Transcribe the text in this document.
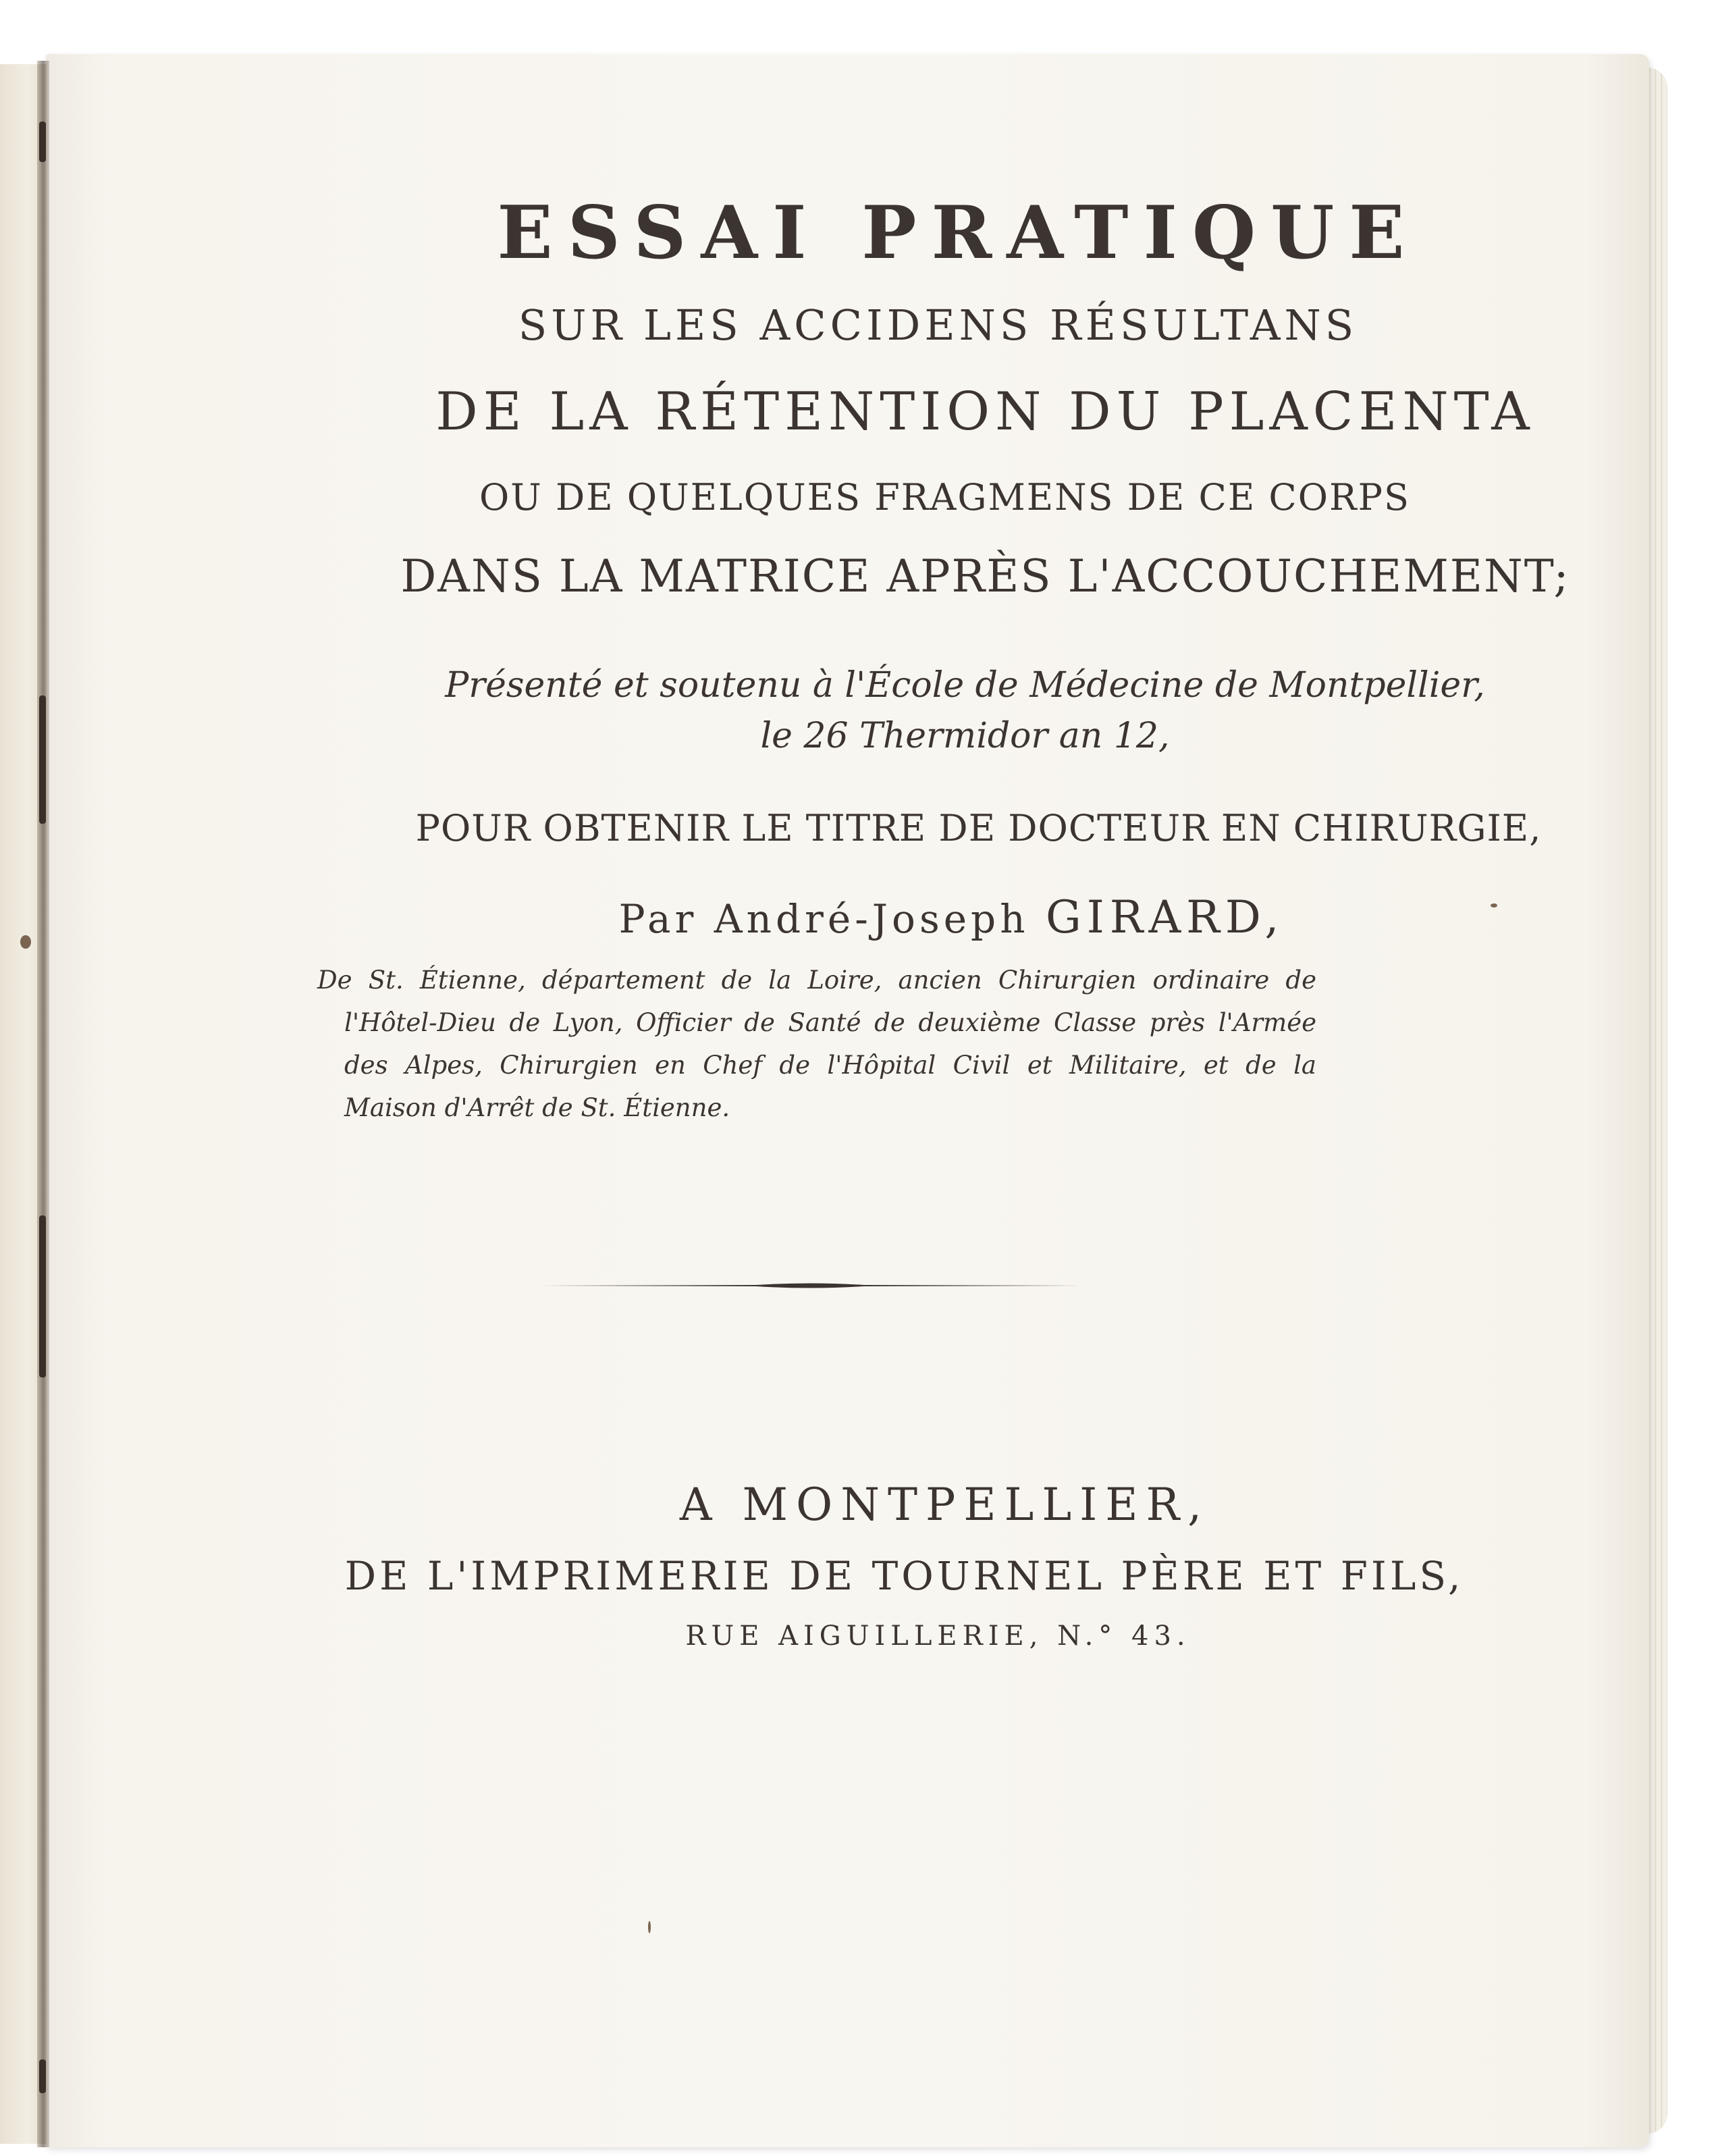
ESSAI PRATIQUE
SUR LES ACCIDENS RÉSULTANS
DE LA RÉTENTION DU PLACENTA
OU DE QUELQUES FRAGMENS DE CE CORPS
DANS LA MATRICE APRÈS L'ACCOUCHEMENT;
Présenté et soutenu à l'École de Médecine de Montpellier,
le 26 Thermidor an 12,
POUR OBTENIR LE TITRE DE DOCTEUR EN CHIRURGIE,
Par André-Joseph GIRARD,
De St. Étienne, département de la Loire, ancien Chirurgien ordinaire de
l'Hôtel-Dieu de Lyon, Officier de Santé de deuxième Classe près l'Armée
des Alpes, Chirurgien en Chef de l'Hôpital Civil et Militaire, et de la
Maison d'Arrêt de St. Étienne.
A MONTPELLIER,
DE L'IMPRIMERIE DE TOURNEL PÈRE ET FILS,
RUE AIGUILLERIE, N.° 43.
